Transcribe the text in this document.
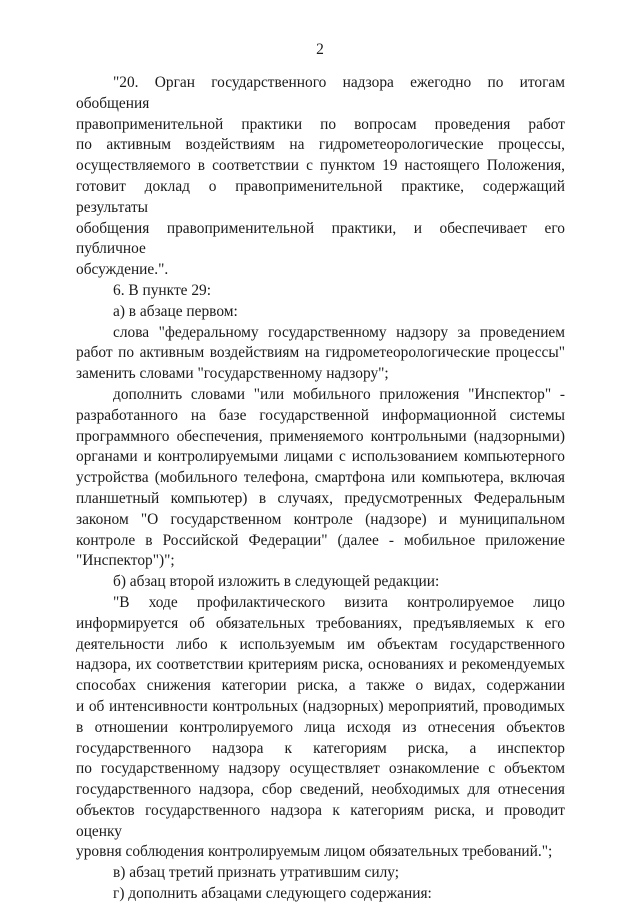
2
"20. Орган государственного надзора ежегодно по итогам обобщения
правоприменительной практики по вопросам проведения работ
по активным воздействиям на гидрометеорологические процессы,
осуществляемого в соответствии с пунктом 19 настоящего Положения,
готовит доклад о правоприменительной практике, содержащий результаты
обобщения правоприменительной практики, и обеспечивает его публичное
обсуждение.".
6. В пункте 29:
а) в абзаце первом:
слова "федеральному государственному надзору за проведением
работ по активным воздействиям на гидрометеорологические процессы"
заменить словами "государственному надзору";
дополнить словами "или мобильного приложения "Инспектор" -
разработанного на базе государственной информационной системы
программного обеспечения, применяемого контрольными (надзорными)
органами и контролируемыми лицами с использованием компьютерного
устройства (мобильного телефона, смартфона или компьютера, включая
планшетный компьютер) в случаях, предусмотренных Федеральным
законом "О государственном контроле (надзоре) и муниципальном
контроле в Российской Федерации" (далее - мобильное приложение
"Инспектор")";
б) абзац второй изложить в следующей редакции:
"В ходе профилактического визита контролируемое лицо
информируется об обязательных требованиях, предъявляемых к его
деятельности либо к используемым им объектам государственного
надзора, их соответствии критериям риска, основаниях и рекомендуемых
способах снижения категории риска, а также о видах, содержании
и об интенсивности контрольных (надзорных) мероприятий, проводимых
в отношении контролируемого лица исходя из отнесения объектов
государственного надзора к категориям риска, а инспектор
по государственному надзору осуществляет ознакомление с объектом
государственного надзора, сбор сведений, необходимых для отнесения
объектов государственного надзора к категориям риска, и проводит оценку
уровня соблюдения контролируемым лицом обязательных требований.";
в) абзац третий признать утратившим силу;
г) дополнить абзацами следующего содержания:
